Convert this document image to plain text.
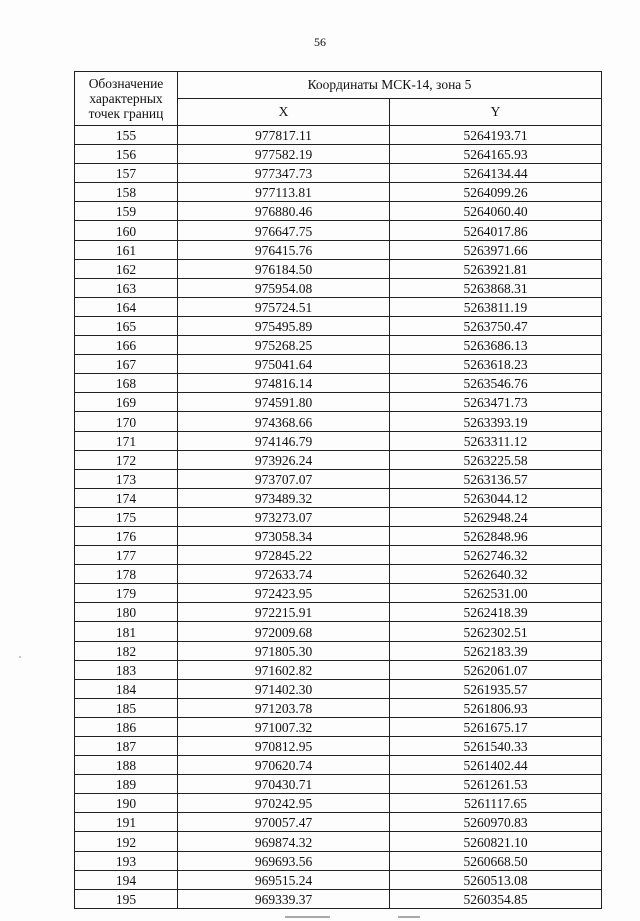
56
Обозначение характерных точек границ	Координаты МСК-14, зона 5	
	X	Y
155	977817.11	5264193.71
156	977582.19	5264165.93
157	977347.73	5264134.44
158	977113.81	5264099.26
159	976880.46	5264060.40
160	976647.75	5264017.86
161	976415.76	5263971.66
162	976184.50	5263921.81
163	975954.08	5263868.31
164	975724.51	5263811.19
165	975495.89	5263750.47
166	975268.25	5263686.13
167	975041.64	5263618.23
168	974816.14	5263546.76
169	974591.80	5263471.73
170	974368.66	5263393.19
171	974146.79	5263311.12
172	973926.24	5263225.58
173	973707.07	5263136.57
174	973489.32	5263044.12
175	973273.07	5262948.24
176	973058.34	5262848.96
177	972845.22	5262746.32
178	972633.74	5262640.32
179	972423.95	5262531.00
180	972215.91	5262418.39
181	972009.68	5262302.51
182	971805.30	5262183.39
183	971602.82	5262061.07
184	971402.30	5261935.57
185	971203.78	5261806.93
186	971007.32	5261675.17
187	970812.95	5261540.33
188	970620.74	5261402.44
189	970430.71	5261261.53
190	970242.95	5261117.65
191	970057.47	5260970.83
192	969874.32	5260821.10
193	969693.56	5260668.50
194	969515.24	5260513.08
195	969339.37	5260354.85
